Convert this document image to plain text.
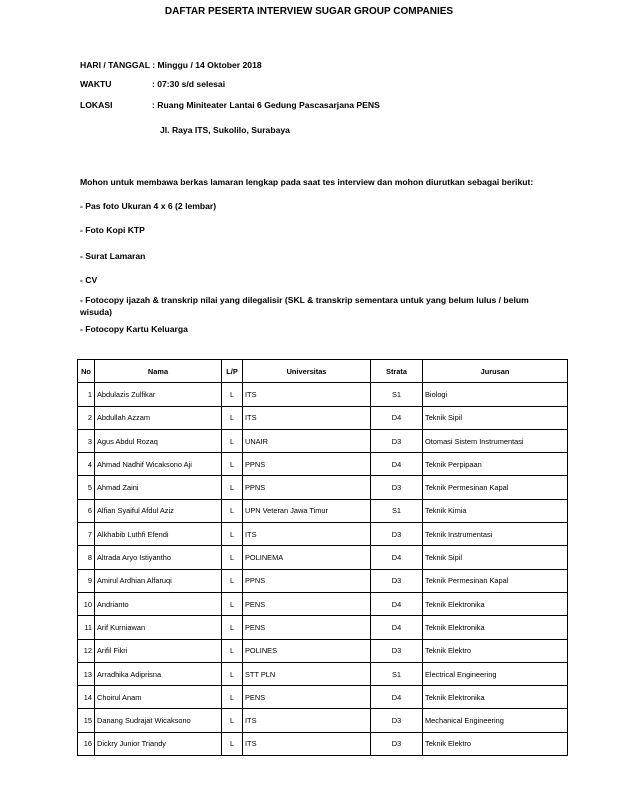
DAFTAR PESERTA INTERVIEW SUGAR GROUP COMPANIES
HARI / TANGGAL : Minggu / 14 Oktober 2018
WAKTU	: 07:30 s/d selesai
LOKASI	: Ruang Miniteater Lantai 6 Gedung Pascasarjana PENS
Jl. Raya ITS, Sukolilo, Surabaya
Mohon untuk membawa berkas lamaran lengkap pada saat tes interview dan mohon diurutkan sebagai berikut:
- Pas foto Ukuran 4 x 6 (2 lembar)
- Foto Kopi KTP
- Surat Lamaran
- CV
- Fotocopy ijazah & transkrip nilai yang dilegalisir (SKL & transkrip sementara untuk yang belum lulus / belum wisuda)
- Fotocopy Kartu Keluarga
No	Nama	L/P	Universitas	Strata	Jurusan
1	Abdulazis Zulfikar	L	ITS	S1	Biologi
2	Abdullah Azzam	L	ITS	D4	Teknik Sipil
3	Agus Abdul Rozaq	L	UNAIR	D3	Otomasi Sistem Instrumentasi
4	Ahmad Nadhif Wicaksono Aji	L	PPNS	D4	Teknik Perpipaan
5	Ahmad Zaini	L	PPNS	D3	Teknik Permesinan Kapal
6	Alfian Syaiful Afdul Aziz	L	UPN Veteran Jawa Timur	S1	Teknik Kimia
7	Alkhabib Luthfi Efendi	L	ITS	D3	Teknik Instrumentasi
8	Altrada Aryo Istiyantho	L	POLINEMA	D4	Teknik Sipil
9	Amirul Ardhian Alfaruqi	L	PPNS	D3	Teknik Permesinan Kapal
10	Andrianto	L	PENS	D4	Teknik Elektronika
11	Arif Kurniawan	L	PENS	D4	Teknik Elektronika
12	Arifil Fikri	L	POLINES	D3	Teknik Elektro
13	Arradhika Adiprisna	L	STT PLN	S1	Electrical Engineering
14	Choirul Anam	L	PENS	D4	Teknik Elektronika
15	Danang Sudrajat Wicaksono	L	ITS	D3	Mechanical Engineering
16	Dickry Junior Triandy	L	ITS	D3	Teknik Elektro
